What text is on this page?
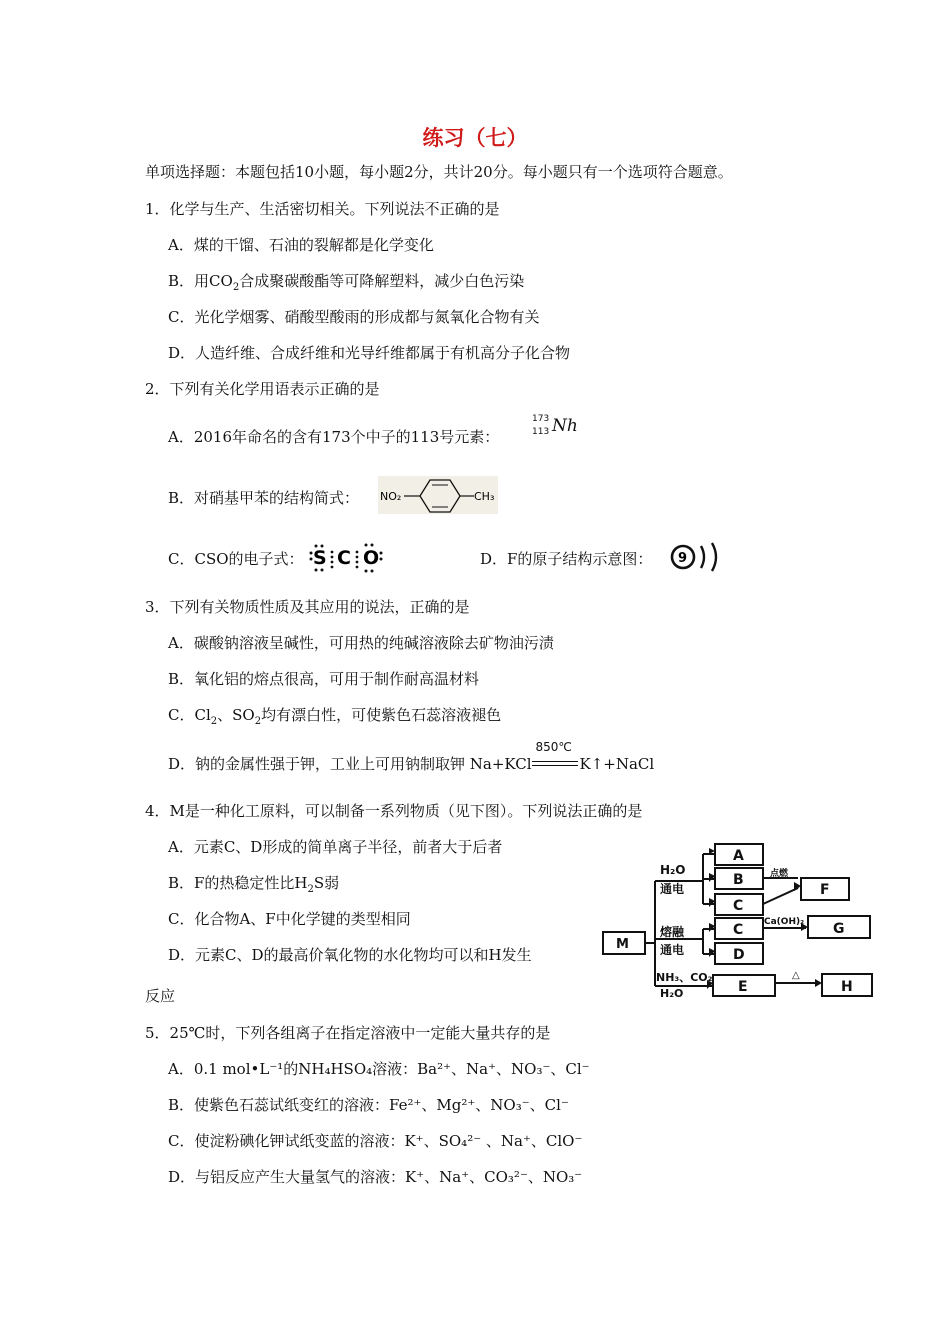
练习（七）
单项选择题：本题包括10小题，每小题2分，共计20分。每小题只有一个选项符合题意。
1．化学与生产、生活密切相关。下列说法不正确的是
A．煤的干馏、石油的裂解都是化学变化
B．用$CO_2$合成聚碳酸酯等可降解塑料，减少白色污染
C．光化学烟雾、硝酸型酸雨的形成都与氮氧化合物有关
D．人造纤维、合成纤维和光导纤维都属于有机高分子化合物
2．下列有关化学用语表示正确的是
A．2016年命名的含有173个中子的113号元素：
173
113 Nh
B．对硝基甲苯的结构简式： NO₂	CH₃
C．CSO的电子式： S C O	D．F的原子结构示意图： 9
3．下列有关物质性质及其应用的说法，正确的是
A．碳酸钠溶液呈碱性，可用热的纯碱溶液除去矿物油污渍
B．氧化铝的熔点很高，可用于制作耐高温材料
C．$Cl_2$、$SO_2$均有漂白性，可使紫色石蕊溶液褪色
D．钠的金属性强于钾，工业上可用钠制取钾 Na+KCl
850℃
K↑+NaCl
4．M是一种化工原料，可以制备一系列物质（见下图）。下列说法正确的是
A．元素C、D形成的简单离子半径，前者大于后者
B．F的热稳定性比$H_2S$弱
C．化合物A、F中化学键的类型相同
D．元素C、D的最高价氧化物的水化物均可以和H发生
反应
M
H₂O
通电
熔融
通电
NH₃、CO₂
H₂O
点燃
Ca(OH)₂
△
A
B
C
C
D
E
F
G
H
5．25℃时，下列各组离子在指定溶液中一定能大量共存的是
A．0.1 mol•L⁻¹的NH₄HSO₄溶液：Ba²⁺、Na⁺、NO₃⁻、Cl⁻
B．使紫色石蕊试纸变红的溶液：Fe²⁺、Mg²⁺、NO₃⁻、Cl⁻
C．使淀粉碘化钾试纸变蓝的溶液：K⁺、SO₄²⁻ 、Na⁺、ClO⁻
D．与铝反应产生大量氢气的溶液：K⁺、Na⁺、CO₃²⁻、NO₃⁻
